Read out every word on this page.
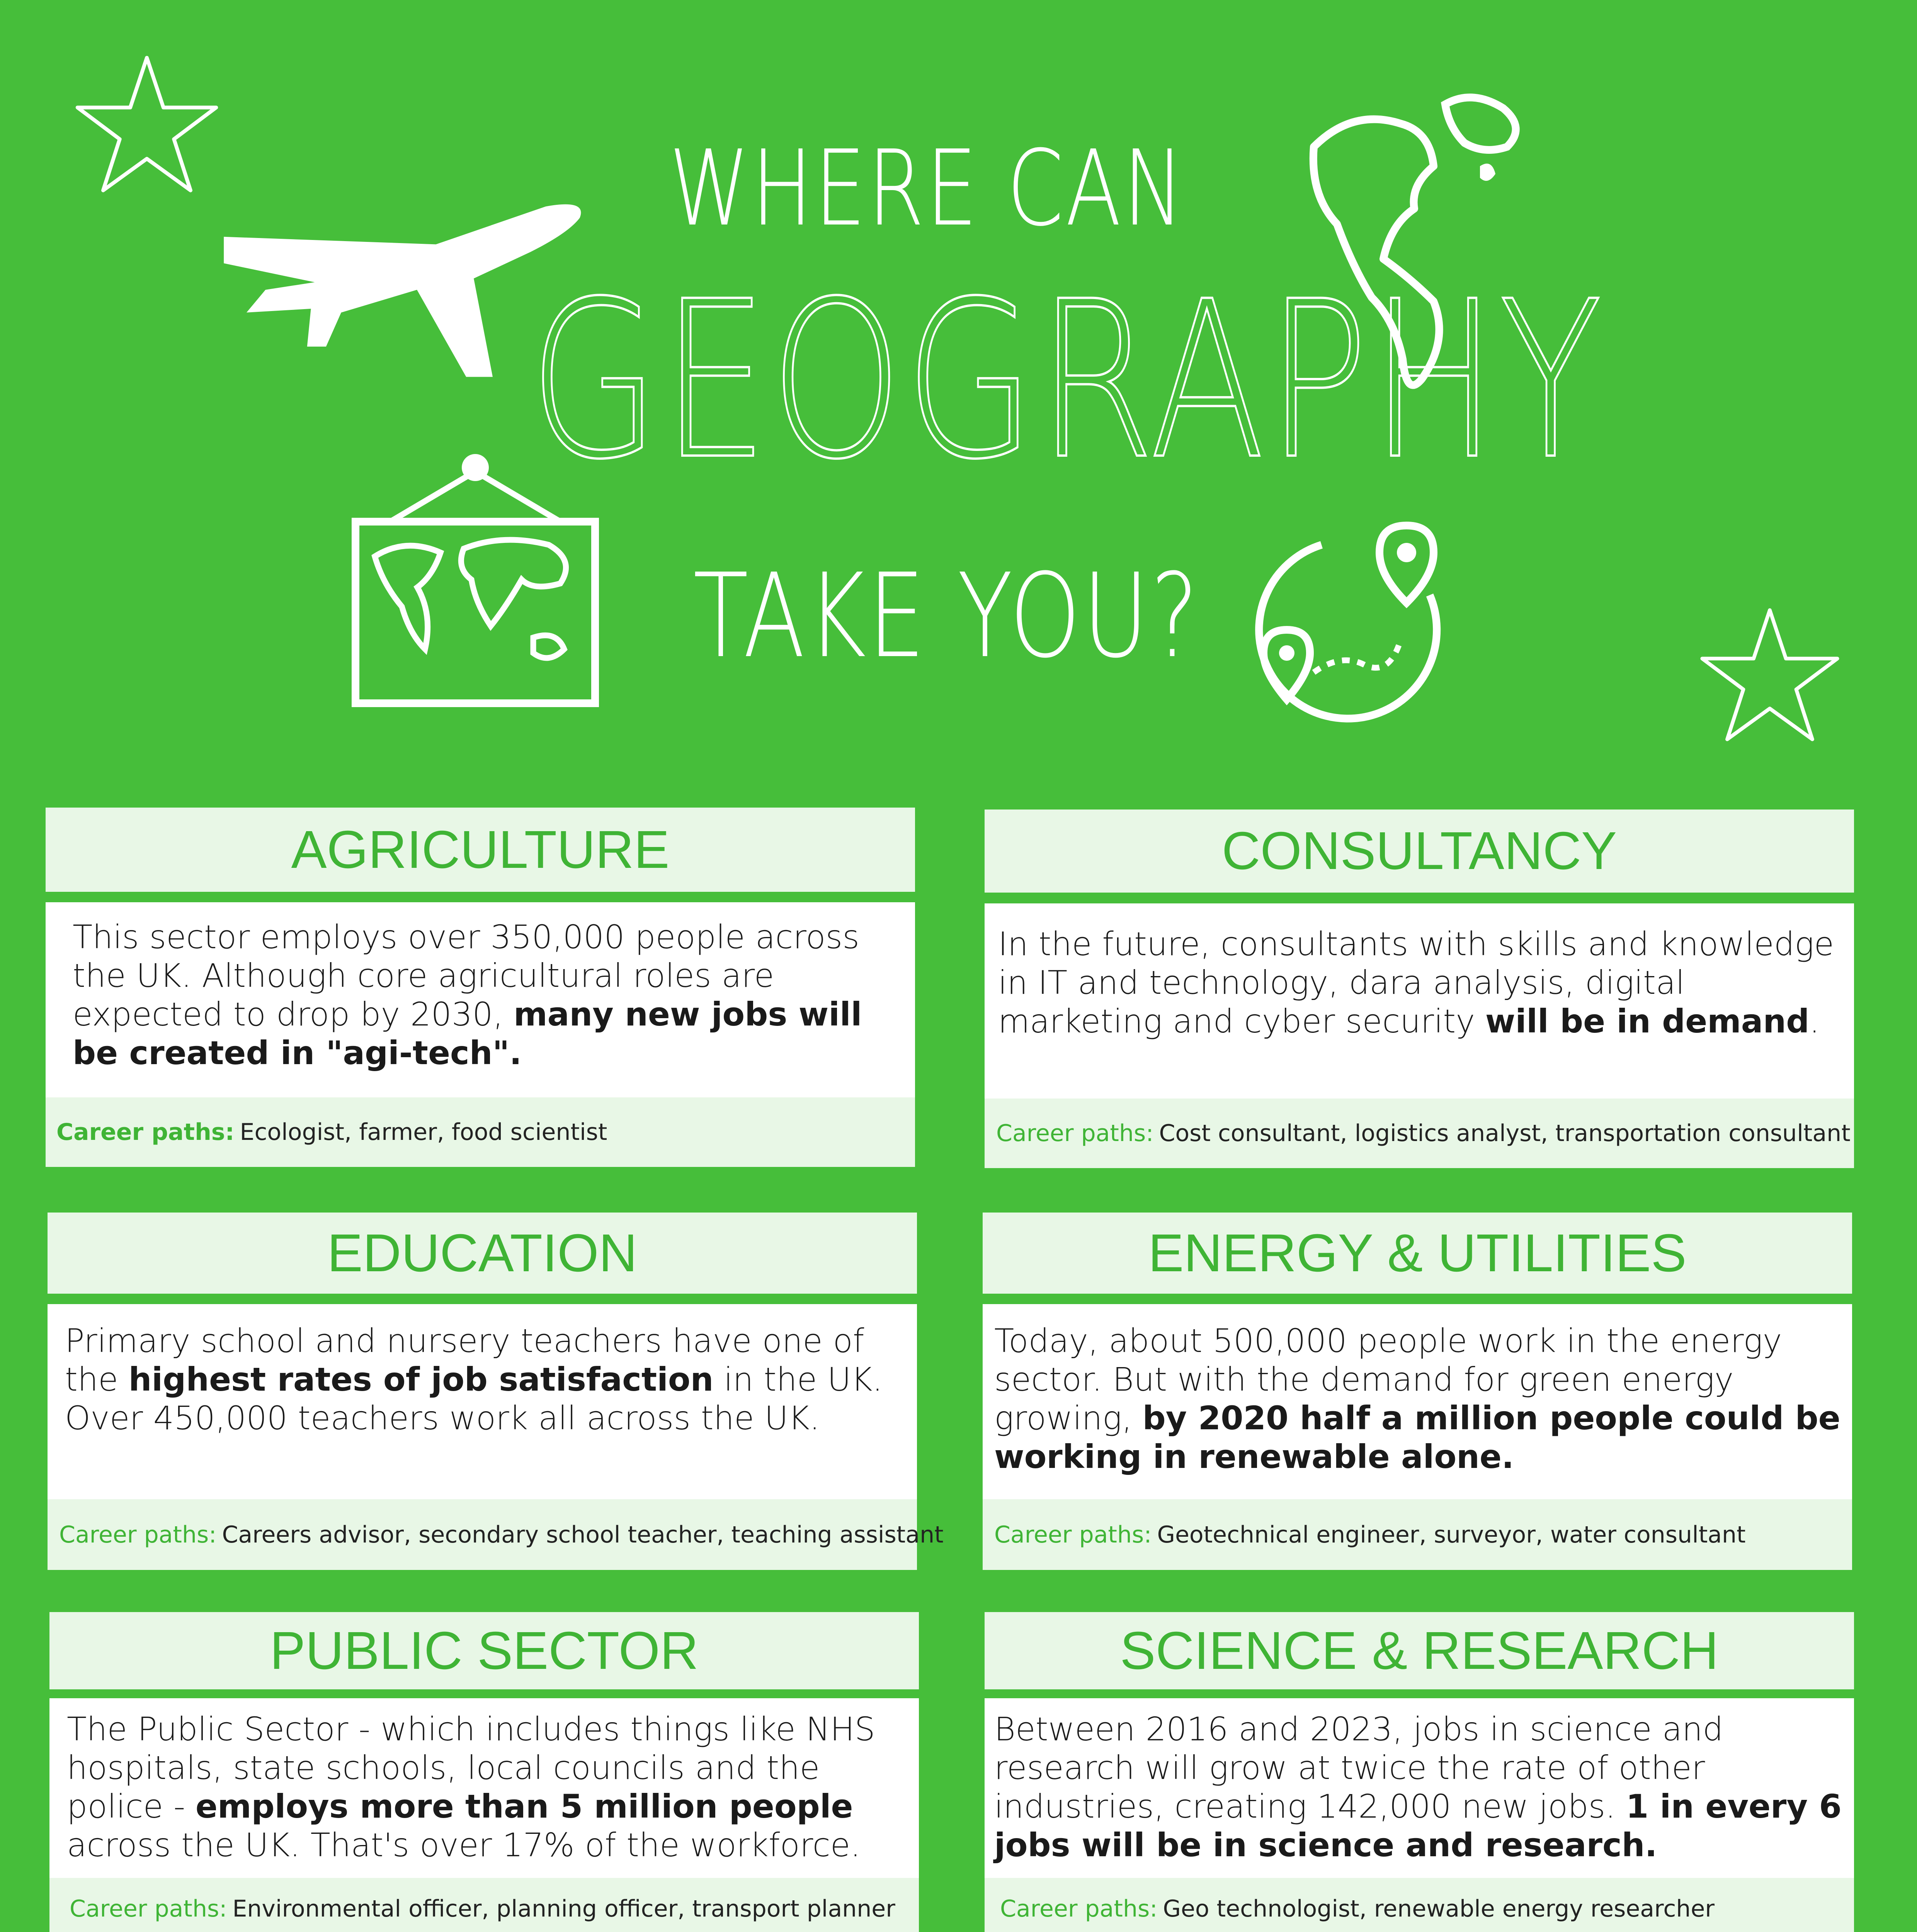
WHERE CAN
GEOGRAPHY
TAKE YOU?
AGRICULTURE
This sector employs over 350,000 people across the UK. Although core agricultural roles are expected to drop by 2030, many new jobs will be created in "agi-tech".
Career paths: Ecologist, farmer, food scientist
CONSULTANCY
In the future, consultants with skills and knowledge in IT and technology, dara analysis, digital marketing and cyber security will be in demand.
Career paths: Cost consultant, logistics analyst, transportation consultant
EDUCATION
Primary school and nursery teachers have one of the highest rates of job satisfaction in the UK. Over 450,000 teachers work all across the UK.
Career paths: Careers advisor, secondary school teacher, teaching assistant
ENERGY & UTILITIES
Today, about 500,000 people work in the energy sector. But with the demand for green energy growing, by 2020 half a million people could be working in renewable alone.
Career paths: Geotechnical engineer, surveyor, water consultant
PUBLIC SECTOR
The Public Sector - which includes things like NHS hospitals, state schools, local councils and the police - employs more than 5 million people across the UK. That's over 17% of the workforce.
Career paths: Environmental officer, planning officer, transport planner
SCIENCE & RESEARCH
Between 2016 and 2023, jobs in science and research will grow at twice the rate of other industries, creating 142,000 new jobs. 1 in every 6 jobs will be in science and research.
Career paths: Geo technologist, renewable energy researcher
